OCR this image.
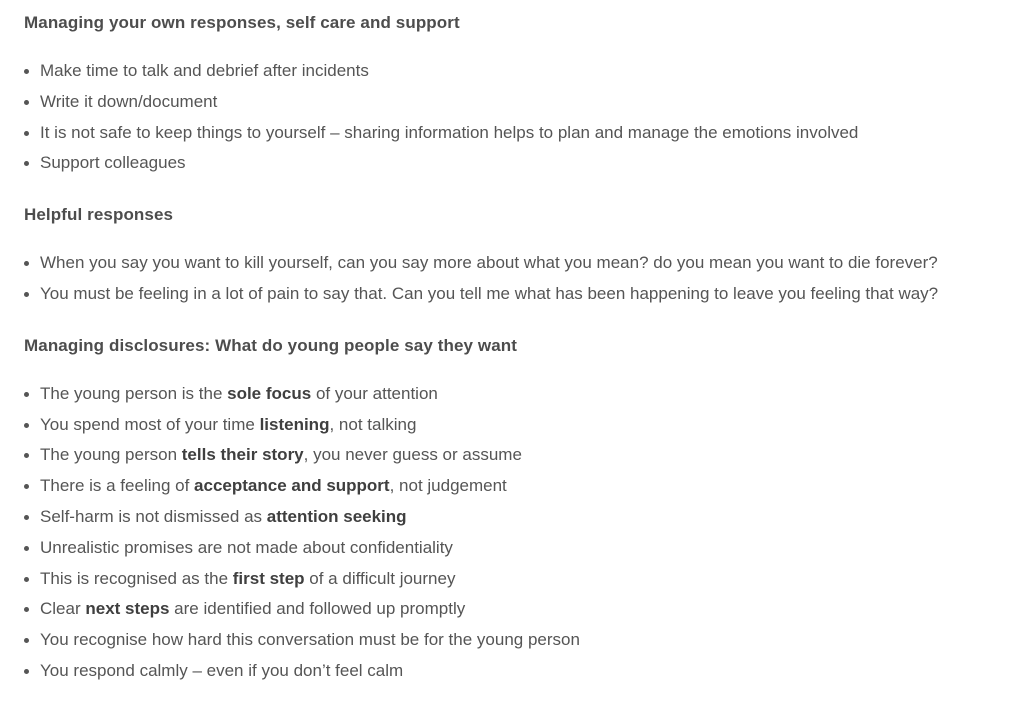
Managing your own responses, self care and support
Make time to talk and debrief after incidents
Write it down/document
It is not safe to keep things to yourself – sharing information helps to plan and manage the emotions involved
Support colleagues
Helpful responses
When you say you want to kill yourself, can you say more about what you mean? do you mean you want to die forever?
You must be feeling in a lot of pain to say that. Can you tell me what has been happening to leave you feeling that way?
Managing disclosures: What do young people say they want
The young person is the sole focus of your attention
You spend most of your time listening, not talking
The young person tells their story, you never guess or assume
There is a feeling of acceptance and support, not judgement
Self-harm is not dismissed as attention seeking
Unrealistic promises are not made about confidentiality
This is recognised as the first step of a difficult journey
Clear next steps are identified and followed up promptly
You recognise how hard this conversation must be for the young person
You respond calmly – even if you don’t feel calm
